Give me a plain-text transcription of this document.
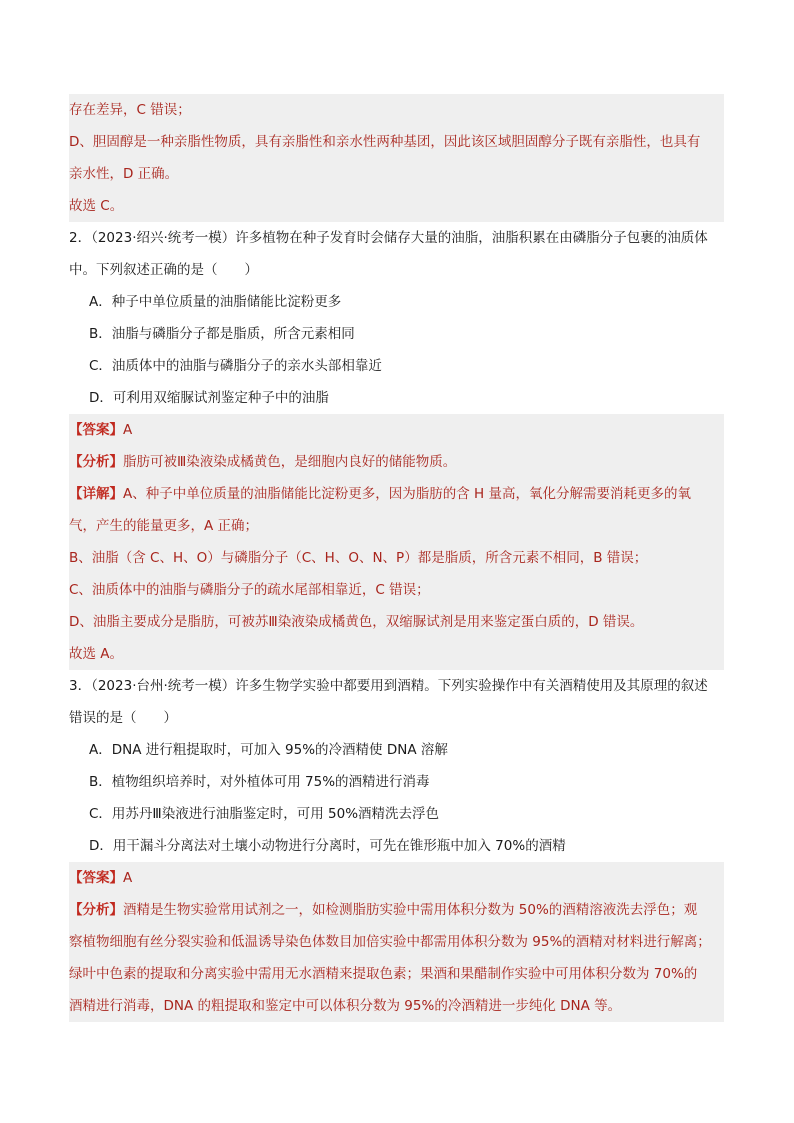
存在差异，C 错误；
D、胆固醇是一种亲脂性物质，具有亲脂性和亲水性两种基团，因此该区域胆固醇分子既有亲脂性，也具有
亲水性，D 正确。
故选 C。
2．（2023·绍兴·统考一模）许多植物在种子发育时会储存大量的油脂，油脂积累在由磷脂分子包裹的油质体
中。下列叙述正确的是（　　）
A．种子中单位质量的油脂储能比淀粉更多
B．油脂与磷脂分子都是脂质，所含元素相同
C．油质体中的油脂与磷脂分子的亲水头部相靠近
D．可利用双缩脲试剂鉴定种子中的油脂
【答案】A
【分析】脂肪可被Ⅲ染液染成橘黄色，是细胞内良好的储能物质。
【详解】A、种子中单位质量的油脂储能比淀粉更多，因为脂肪的含 H 量高，氧化分解需要消耗更多的氧
气，产生的能量更多，A 正确；
B、油脂（含 C、H、O）与磷脂分子（C、H、O、N、P）都是脂质，所含元素不相同，B 错误；
C、油质体中的油脂与磷脂分子的疏水尾部相靠近，C 错误；
D、油脂主要成分是脂肪，可被苏Ⅲ染液染成橘黄色，双缩脲试剂是用来鉴定蛋白质的，D 错误。
故选 A。
3．（2023·台州·统考一模）许多生物学实验中都要用到酒精。下列实验操作中有关酒精使用及其原理的叙述
错误的是（　　）
A．DNA 进行粗提取时，可加入 95%的冷酒精使 DNA 溶解
B．植物组织培养时，对外植体可用 75%的酒精进行消毒
C．用苏丹Ⅲ染液进行油脂鉴定时，可用 50%酒精洗去浮色
D．用干漏斗分离法对土壤小动物进行分离时，可先在锥形瓶中加入 70%的酒精
【答案】A
【分析】酒精是生物实验常用试剂之一，如检测脂肪实验中需用体积分数为 50%的酒精溶液洗去浮色；观
察植物细胞有丝分裂实验和低温诱导染色体数目加倍实验中都需用体积分数为 95%的酒精对材料进行解离；
绿叶中色素的提取和分离实验中需用无水酒精来提取色素；果酒和果醋制作实验中可用体积分数为 70%的
酒精进行消毒，DNA 的粗提取和鉴定中可以体积分数为 95%的冷酒精进一步纯化 DNA 等。
